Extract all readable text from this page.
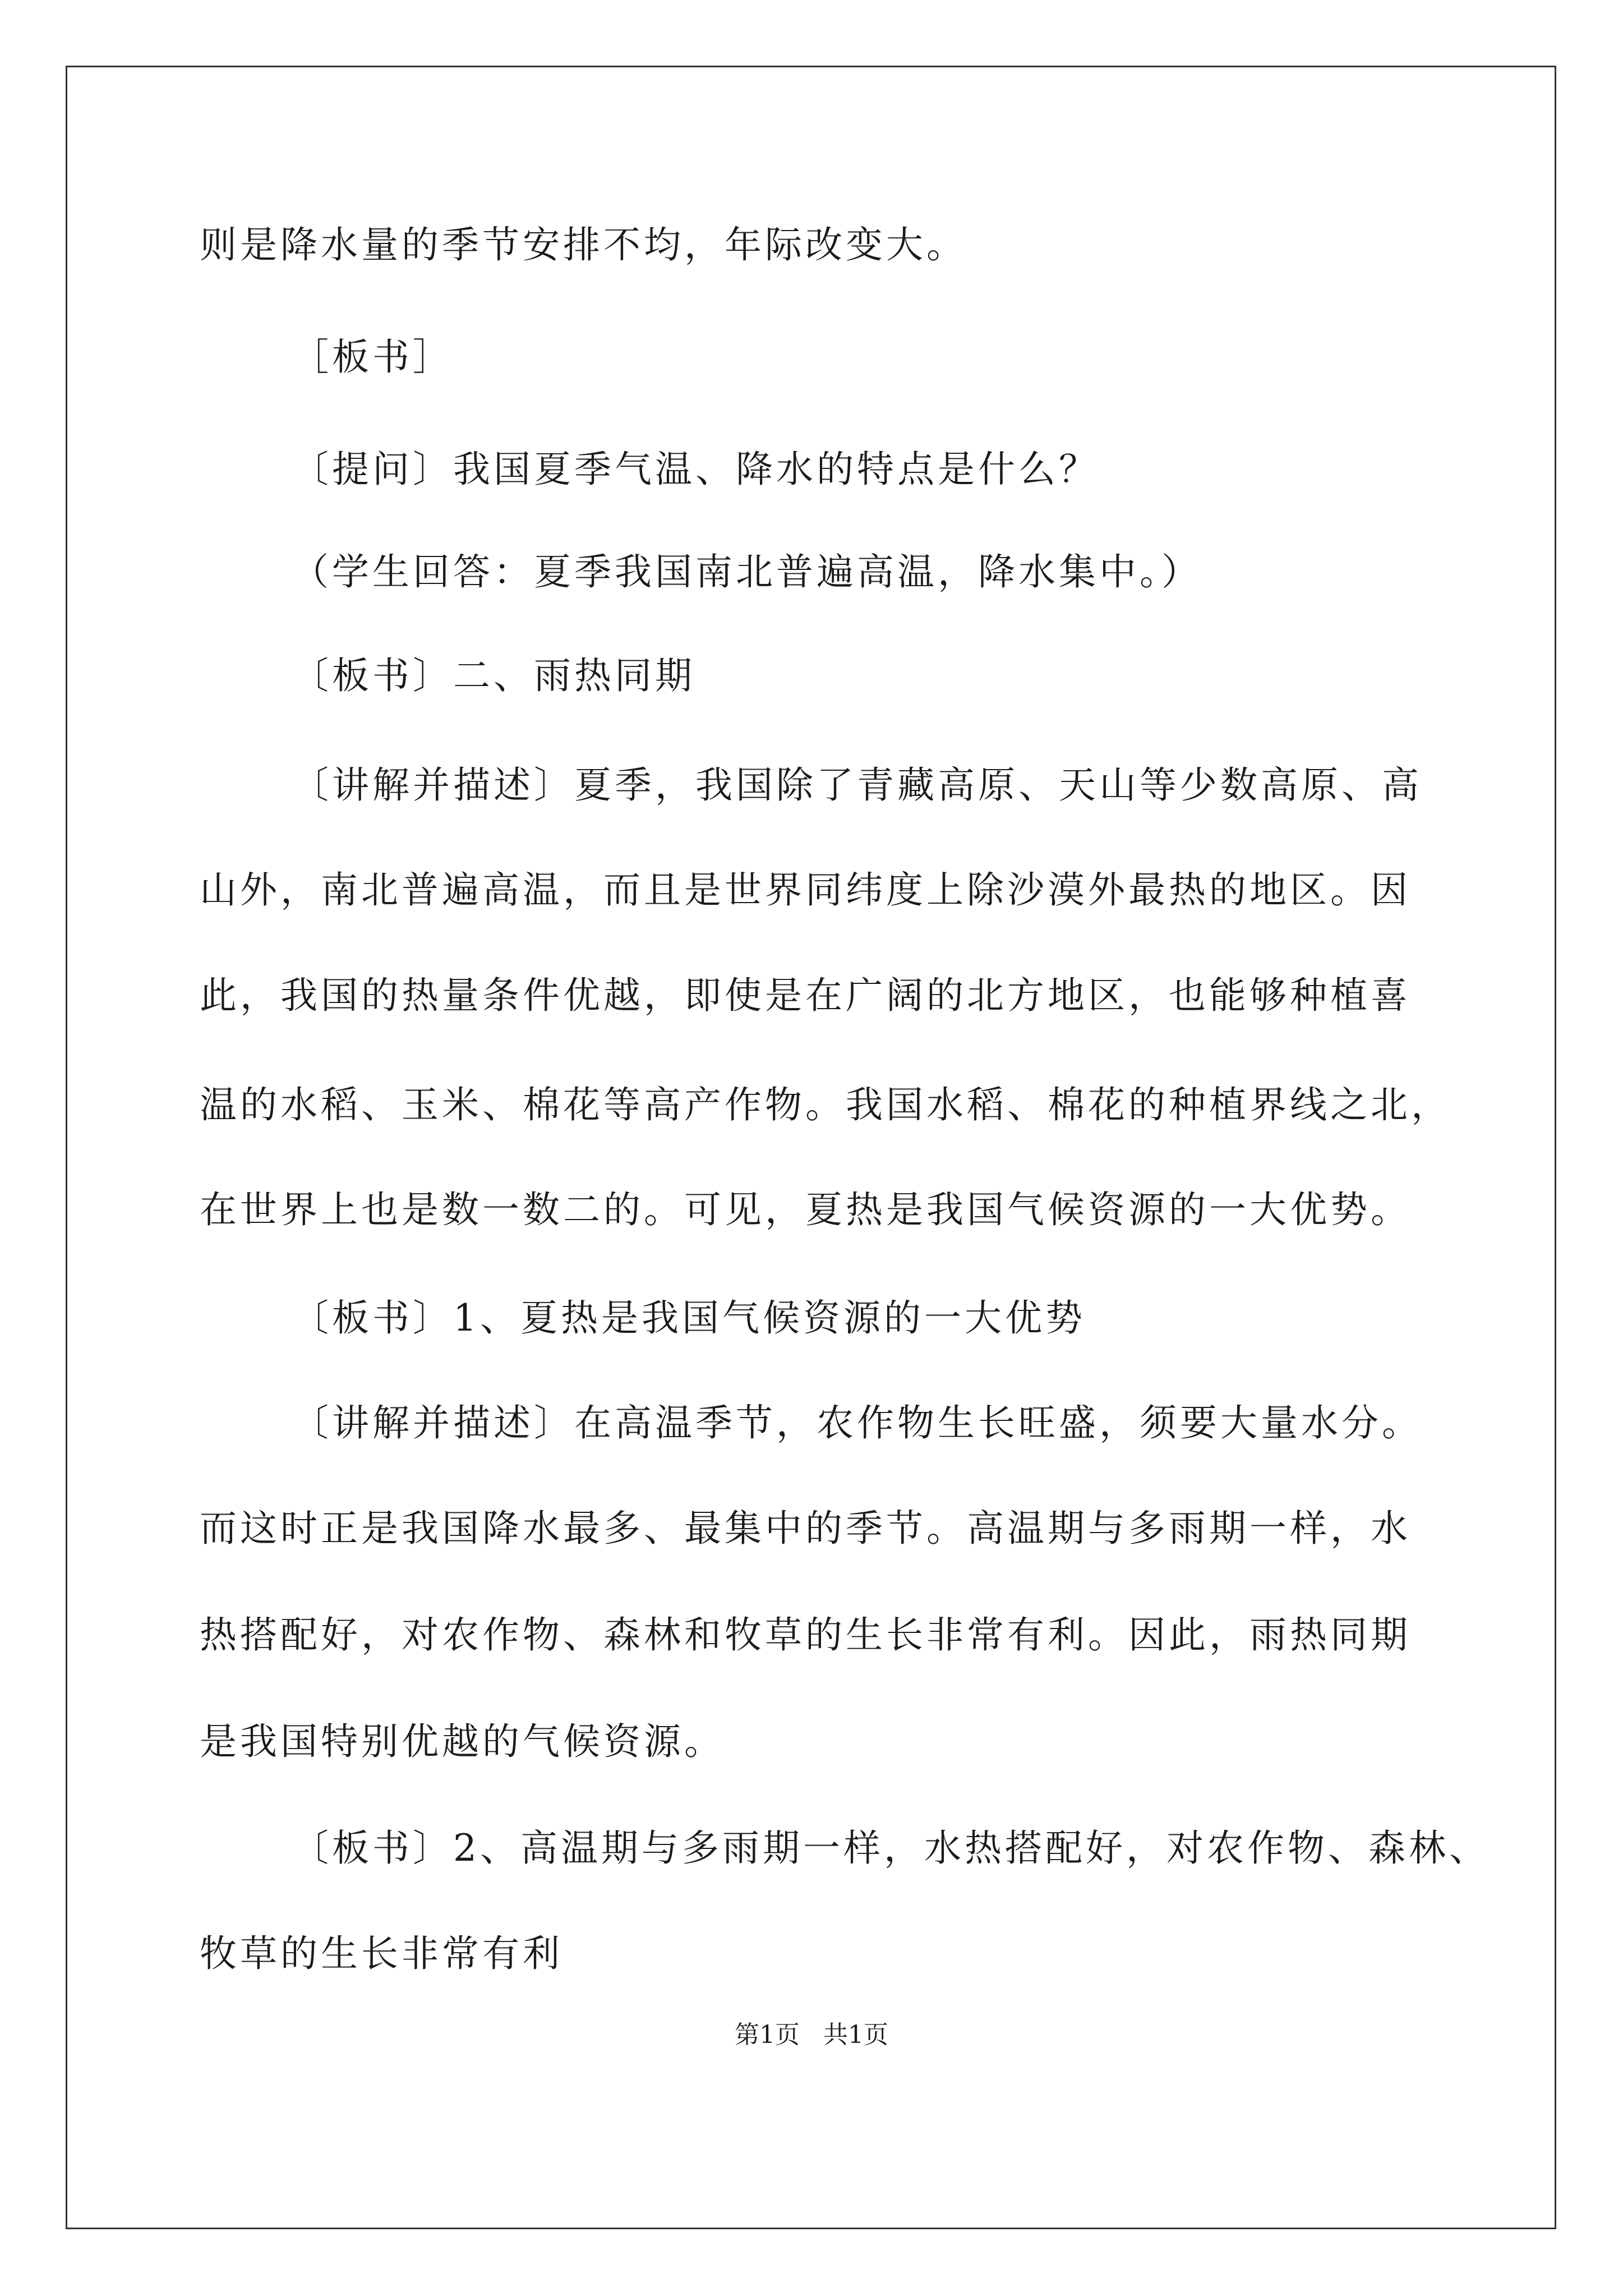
则是降水量的季节安排不均，年际改变大。
［板书］
〔提问〕我国夏季气温、降水的特点是什么？
（学生回答：夏季我国南北普遍高温，降水集中。）
〔板书〕二、雨热同期
〔讲解并描述〕夏季，我国除了青藏高原、天山等少数高原、高
山外，南北普遍高温，而且是世界同纬度上除沙漠外最热的地区。因
此，我国的热量条件优越，即使是在广阔的北方地区，也能够种植喜
温的水稻、玉米、棉花等高产作物。我国水稻、棉花的种植界线之北，
在世界上也是数一数二的。可见，夏热是我国气候资源的一大优势。
〔板书〕1、夏热是我国气候资源的一大优势
〔讲解并描述〕在高温季节，农作物生长旺盛，须要大量水分。
而这时正是我国降水最多、最集中的季节。高温期与多雨期一样，水
热搭配好，对农作物、森林和牧草的生长非常有利。因此，雨热同期
是我国特别优越的气候资源。
〔板书〕2、高温期与多雨期一样，水热搭配好，对农作物、森林、
牧草的生长非常有利
第1页   共1页
